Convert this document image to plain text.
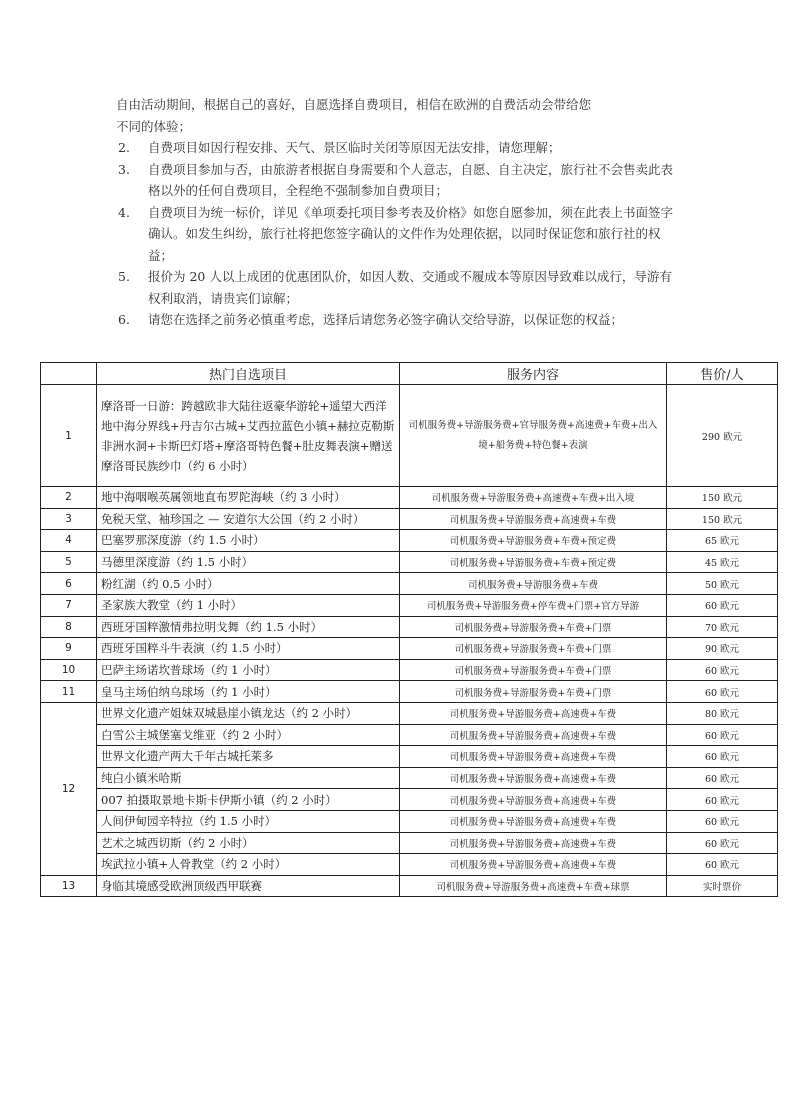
自由活动期间，根据自己的喜好，自愿选择自费项目，相信在欧洲的自费活动会带给您
不同的体验；
2. 自费项目如因行程安排、天气、景区临时关闭等原因无法安排，请您理解；
3. 自费项目参加与否，由旅游者根据自身需要和个人意志，自愿、自主决定，旅行社不会售卖此表格以外的任何自费项目，全程绝不强制参加自费项目；
4. 自费项目为统一标价，详见《单项委托项目参考表及价格》如您自愿参加，须在此表上书面签字确认。如发生纠纷，旅行社将把您签字确认的文件作为处理依据，以同时保证您和旅行社的权益；
5. 报价为 20 人以上成团的优惠团队价，如因人数、交通或不履成本等原因导致难以成行，导游有权利取消，请贵宾们谅解；
6. 请您在选择之前务必慎重考虑，选择后请您务必签字确认交给导游，以保证您的权益；
	热门自选项目	服务内容	售价/人
1	摩洛哥一日游：跨越欧非大陆往返豪华游轮+遥望大西洋地中海分界线+丹吉尔古城+艾西拉蓝色小镇+赫拉克勒斯非洲水洞+卡斯巴灯塔+摩洛哥特色餐+肚皮舞表演+赠送摩洛哥民族纱巾（约 6 小时）	司机服务费+导游服务费+官导服务费+高速费+车费+出入境+船务费+特色餐+表演	290 欧元
2	地中海咽喉英属领地直布罗陀海峡（约 3 小时）	司机服务费+导游服务费+高速费+车费+出入境	150 欧元
3	免税天堂、袖珍国之 — 安道尔大公国（约 2 小时）	司机服务费+导游服务费+高速费+车费	150 欧元
4	巴塞罗那深度游（约 1.5 小时）	司机服务费+导游服务费+车费+预定费	65 欧元
5	马德里深度游（约 1.5 小时）	司机服务费+导游服务费+车费+预定费	45 欧元
6	粉红湖（约 0.5 小时）	司机服务费+导游服务费+车费	50 欧元
7	圣家族大教堂（约 1 小时）	司机服务费+导游服务费+停车费+门票+官方导游	60 欧元
8	西班牙国粹激情弗拉明戈舞（约 1.5 小时）	司机服务费+导游服务费+车费+门票	70 欧元
9	西班牙国粹斗牛表演（约 1.5 小时）	司机服务费+导游服务费+车费+门票	90 欧元
10	巴萨主场诺坎普球场（约 1 小时）	司机服务费+导游服务费+车费+门票	60 欧元
11	皇马主场伯纳乌球场（约 1 小时）	司机服务费+导游服务费+车费+门票	60 欧元
12	世界文化遗产姐妹双城悬崖小镇龙达（约 2 小时）	司机服务费+导游服务费+高速费+车费	80 欧元
	白雪公主城堡塞戈维亚（约 2 小时）	司机服务费+导游服务费+高速费+车费	60 欧元
	世界文化遗产两大千年古城托莱多	司机服务费+导游服务费+高速费+车费	60 欧元
	纯白小镇米哈斯	司机服务费+导游服务费+高速费+车费	60 欧元
	007 拍摄取景地卡斯卡伊斯小镇（约 2 小时）	司机服务费+导游服务费+高速费+车费	60 欧元
	人间伊甸园辛特拉（约 1.5 小时）	司机服务费+导游服务费+高速费+车费	60 欧元
	艺术之城西切斯（约 2 小时）	司机服务费+导游服务费+高速费+车费	60 欧元
	埃武拉小镇+人骨教堂（约 2 小时）	司机服务费+导游服务费+高速费+车费	60 欧元
13	身临其境感受欧洲顶级西甲联赛	司机服务费+导游服务费+高速费+车费+球票	实时票价
